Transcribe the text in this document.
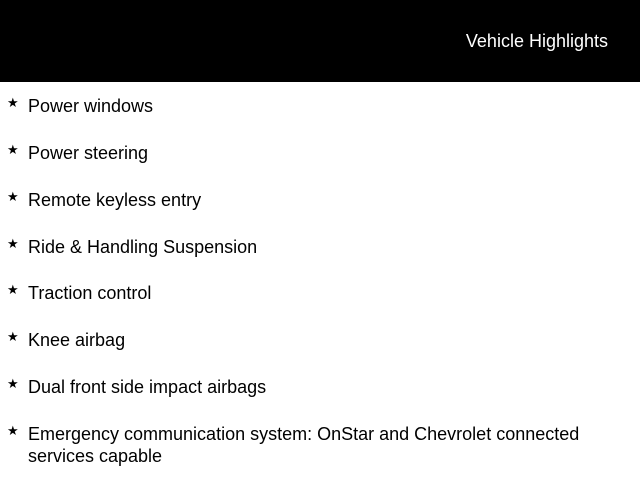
Vehicle Highlights
★ Power windows
★ Power steering
★ Remote keyless entry
★ Ride & Handling Suspension
★ Traction control
★ Knee airbag
★ Dual front side impact airbags
★ Emergency communication system: OnStar and Chevrolet connected services capable
